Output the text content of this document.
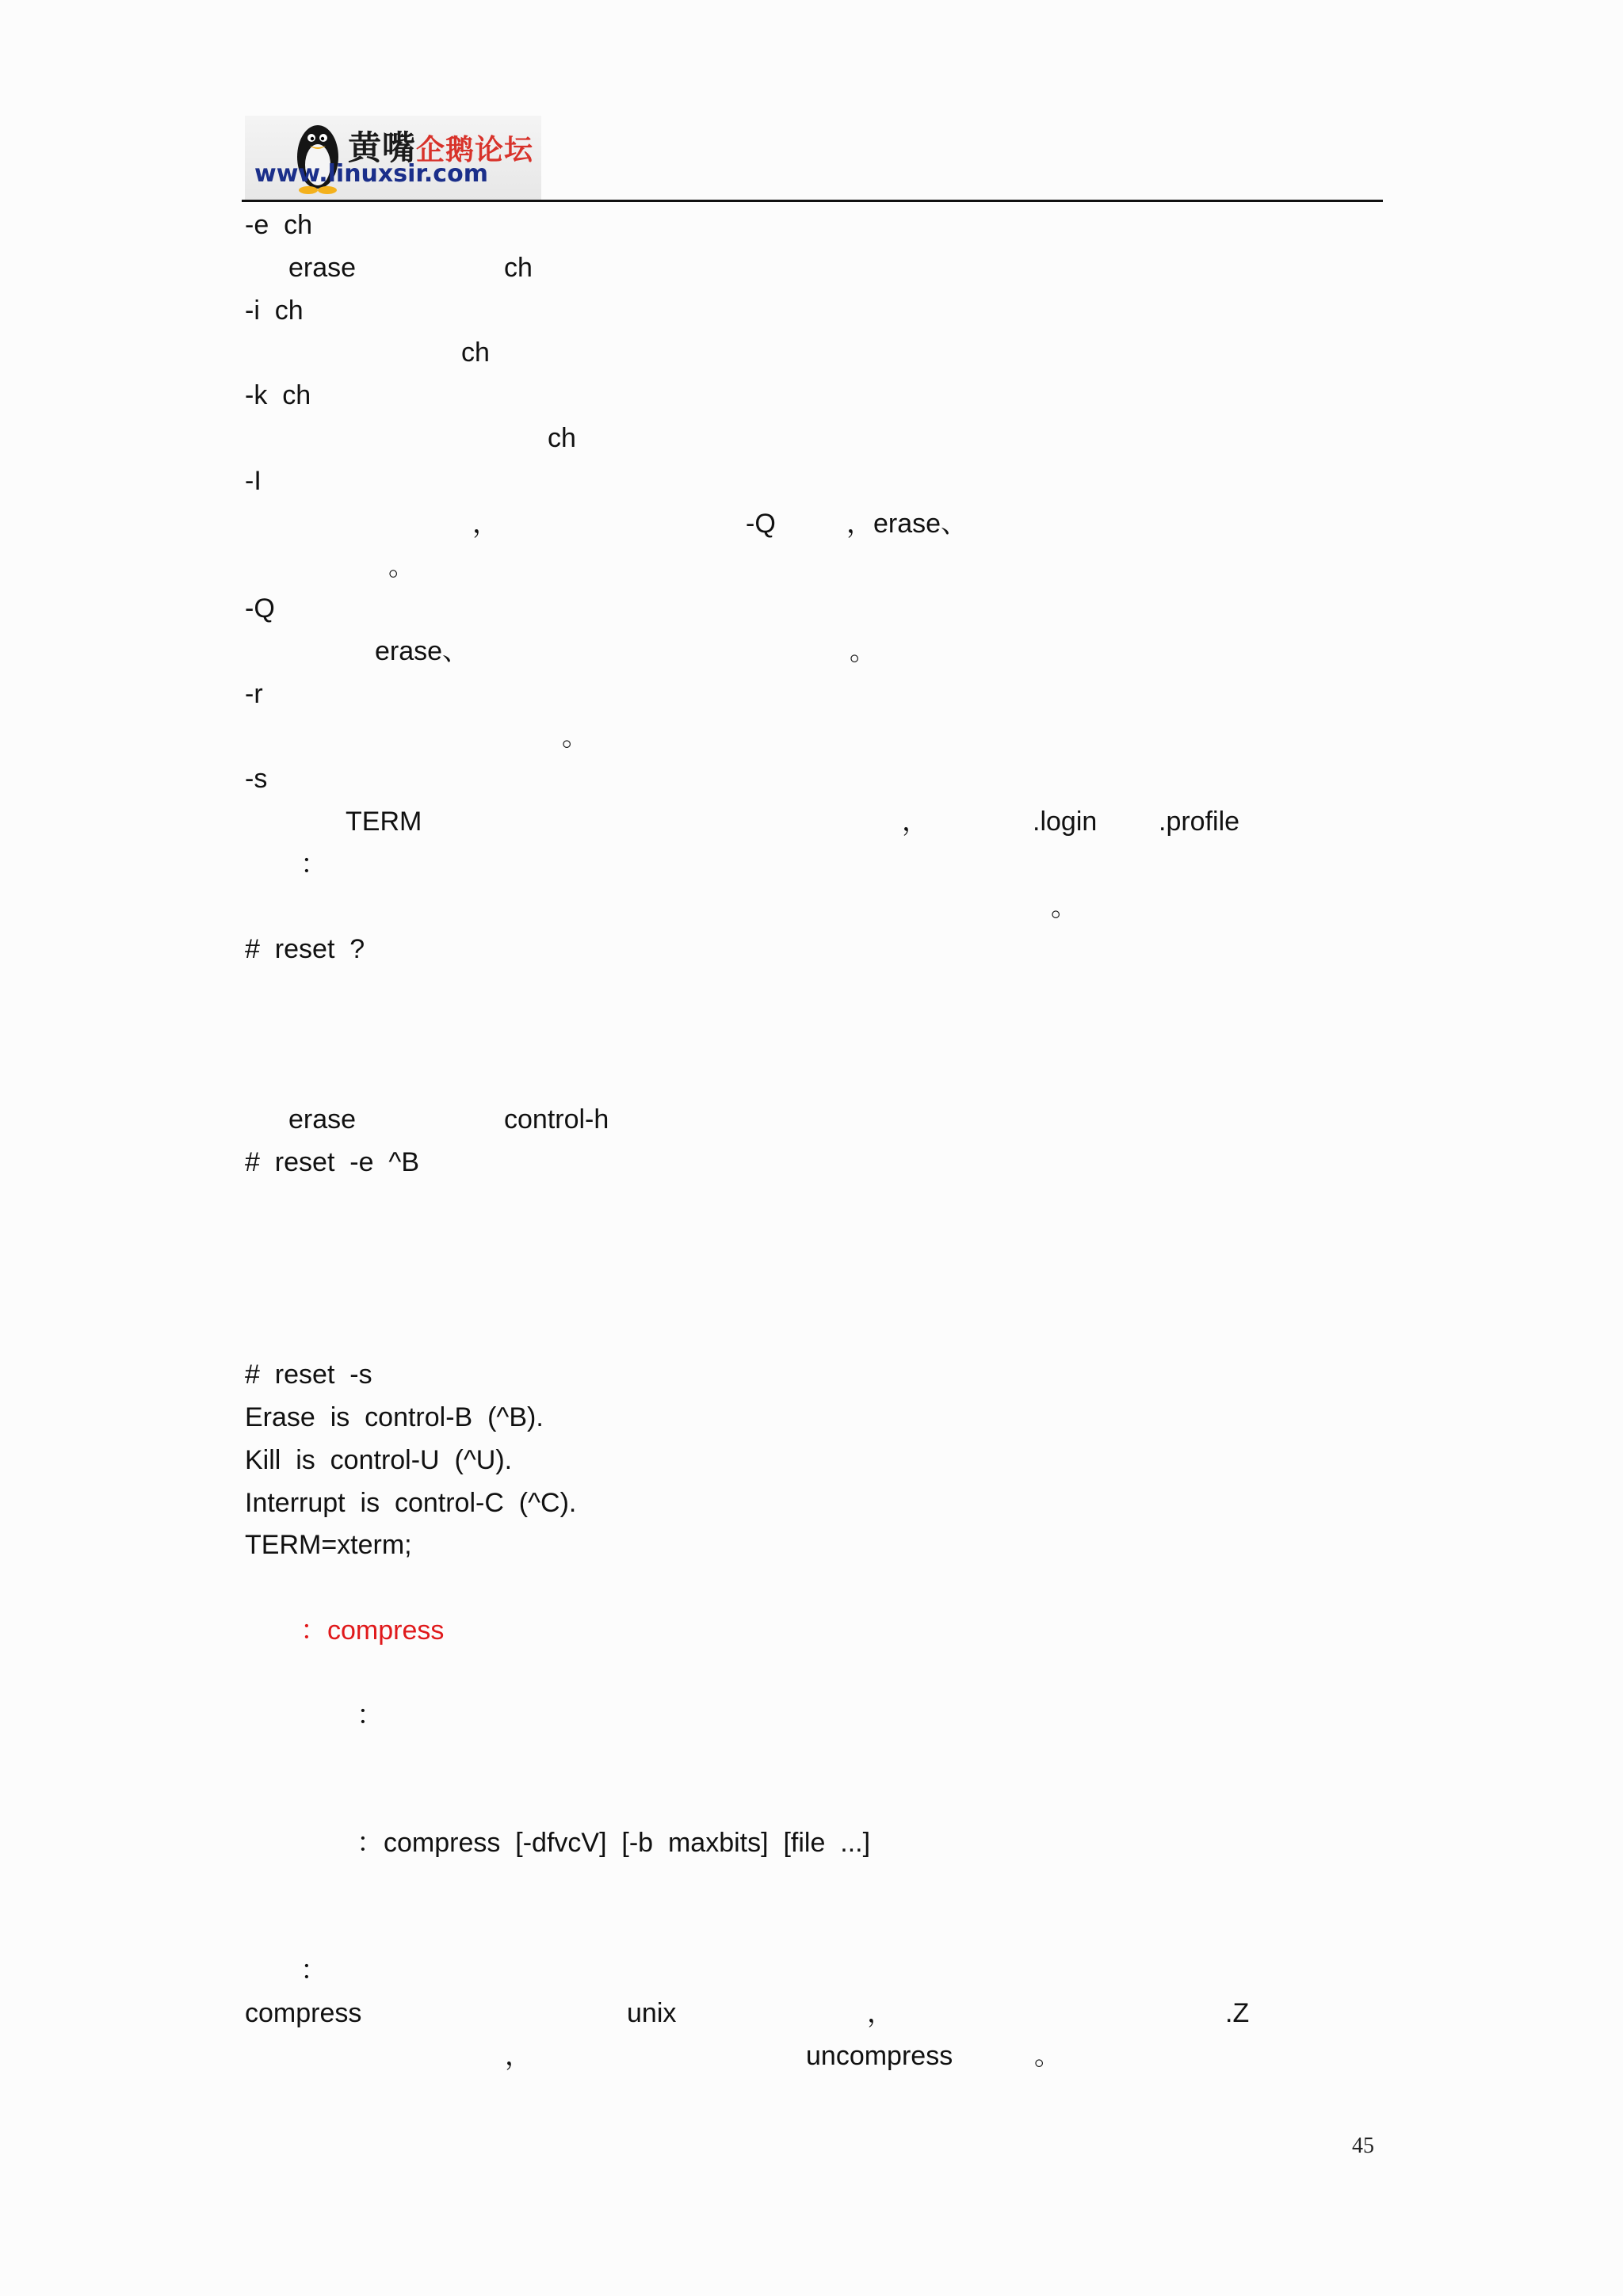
黄嘴企鹅论坛
www.linuxsir.com
-e  ch
erase	ch
-i  ch
ch
-k  ch
ch
-I
，	-Q	，erase、
。
-Q
erase、	。
-r
。
-s
TERM	，	.login .profile
：
。
#  reset  ?
erase	control-h
#  reset  -e  ^B
#  reset  -s
Erase  is  control-B  (^B).
Kill  is  control-U  (^U).
Interrupt  is  control-C  (^C).
TERM=xterm;
：compress
：
：compress  [-dfvcV]  [-b  maxbits]  [file  ...]
：
compress	unix	，	.Z
，	uncompress	。
45
